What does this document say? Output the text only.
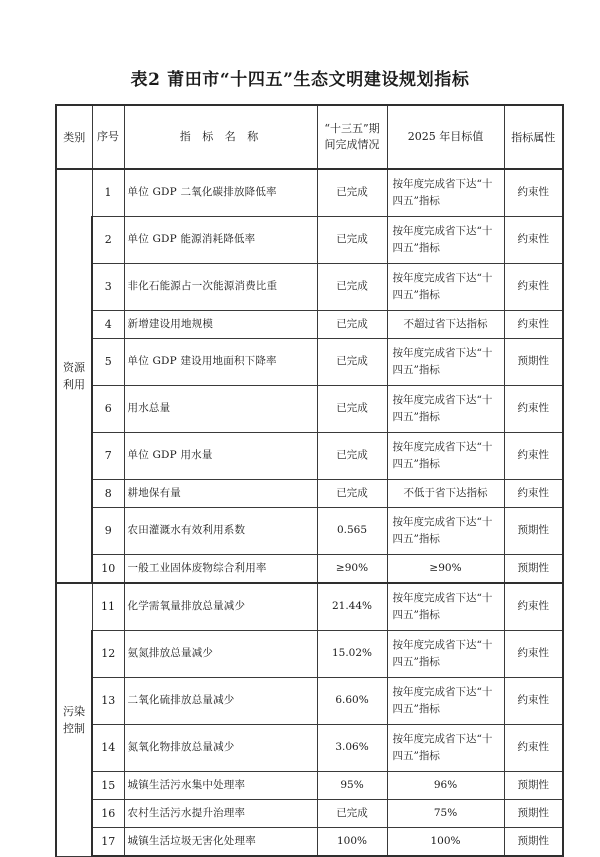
表2 莆田市“十四五”生态文明建设规划指标
类别	序号	指 标 名 称	“十三五”期间完成情况	2025 年目标值	指标属性
资源利用	1	单位 GDP 二氧化碳排放降低率	已完成	按年度完成省下达“十四五”指标	约束性
	2	单位 GDP 能源消耗降低率	已完成	按年度完成省下达“十四五”指标	约束性
	3	非化石能源占一次能源消费比重	已完成	按年度完成省下达“十四五”指标	约束性
	4	新增建设用地规模	已完成	不超过省下达指标	约束性
	5	单位 GDP 建设用地面积下降率	已完成	按年度完成省下达“十四五”指标	预期性
	6	用水总量	已完成	按年度完成省下达“十四五”指标	约束性
	7	单位 GDP 用水量	已完成	按年度完成省下达“十四五”指标	约束性
	8	耕地保有量	已完成	不低于省下达指标	约束性
	9	农田灌溉水有效利用系数	0.565	按年度完成省下达“十四五”指标	预期性
	10	一般工业固体废物综合利用率	≥90%	≥90%	预期性
污染控制	11	化学需氧量排放总量减少	21.44%	按年度完成省下达“十四五”指标	约束性
	12	氨氮排放总量减少	15.02%	按年度完成省下达“十四五”指标	约束性
	13	二氧化硫排放总量减少	6.60%	按年度完成省下达“十四五”指标	约束性
	14	氮氧化物排放总量减少	3.06%	按年度完成省下达“十四五”指标	约束性
	15	城镇生活污水集中处理率	95%	96%	预期性
	16	农村生活污水提升治理率	已完成	75%	预期性
	17	城镇生活垃圾无害化处理率	100%	100%	预期性
